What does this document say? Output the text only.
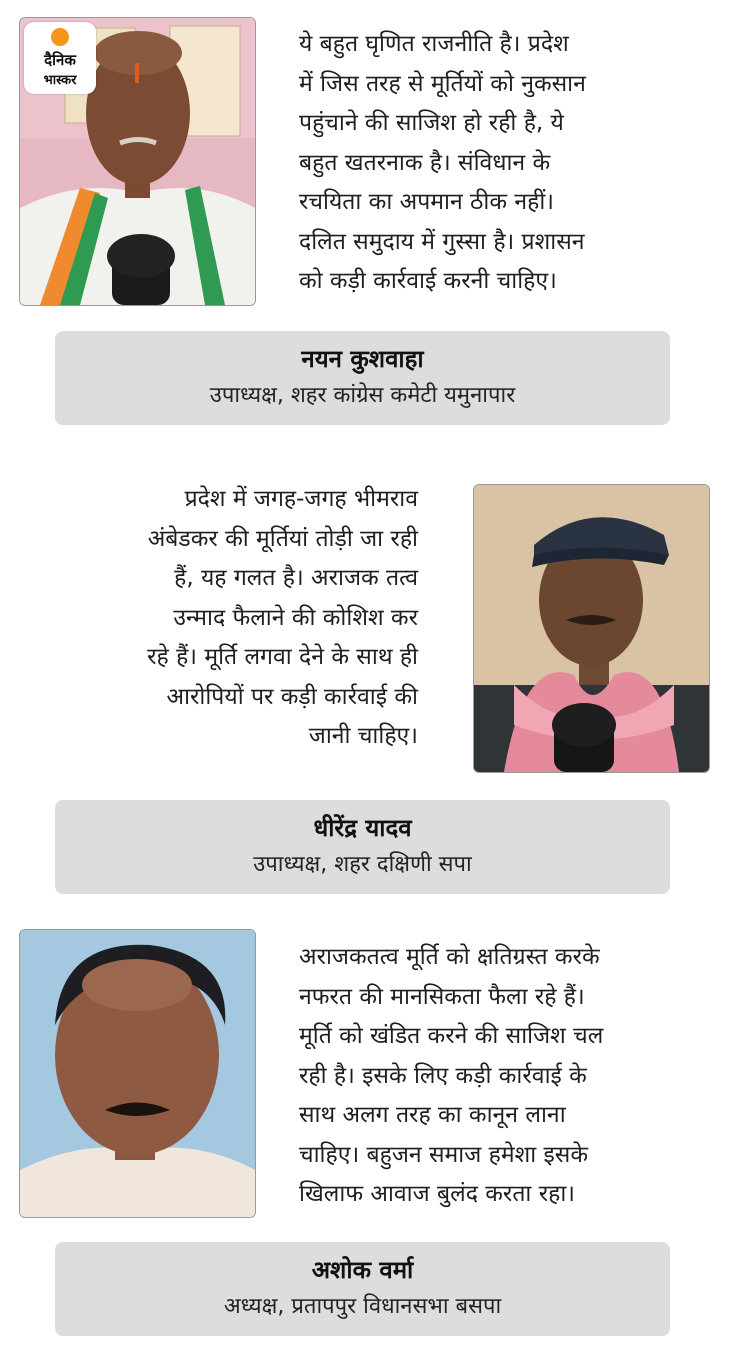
दैनिक
भास्कर

ये बहुत घृणित राजनीति है। प्रदेश
में जिस तरह से मूर्तियों को नुकसान
पहुंचाने की साजिश हो रही है, ये
बहुत खतरनाक है। संविधान के
रचयिता का अपमान ठीक नहीं।
दलित समुदाय में गुस्सा है। प्रशासन
को कड़ी कार्रवाई करनी चाहिए।

नयन कुशवाहा
उपाध्यक्ष, शहर कांग्रेस कमेटी यमुनापार

प्रदेश में जगह-जगह भीमराव
अंबेडकर की मूर्तियां तोड़ी जा रही
हैं, यह गलत है। अराजक तत्व
उन्माद फैलाने की कोशिश कर
रहे हैं। मूर्ति लगवा देने के साथ ही
आरोपियों पर कड़ी कार्रवाई की
जानी चाहिए।

धीरेंद्र यादव
उपाध्यक्ष, शहर दक्षिणी सपा

अराजकतत्व मूर्ति को क्षतिग्रस्त करके
नफरत की मानसिकता फैला रहे हैं।
मूर्ति को खंडित करने की साजिश चल
रही है। इसके लिए कड़ी कार्रवाई के
साथ अलग तरह का कानून लाना
चाहिए। बहुजन समाज हमेशा इसके
खिलाफ आवाज बुलंद करता रहा।

अशोक वर्मा
अध्यक्ष, प्रतापपुर विधानसभा बसपा
